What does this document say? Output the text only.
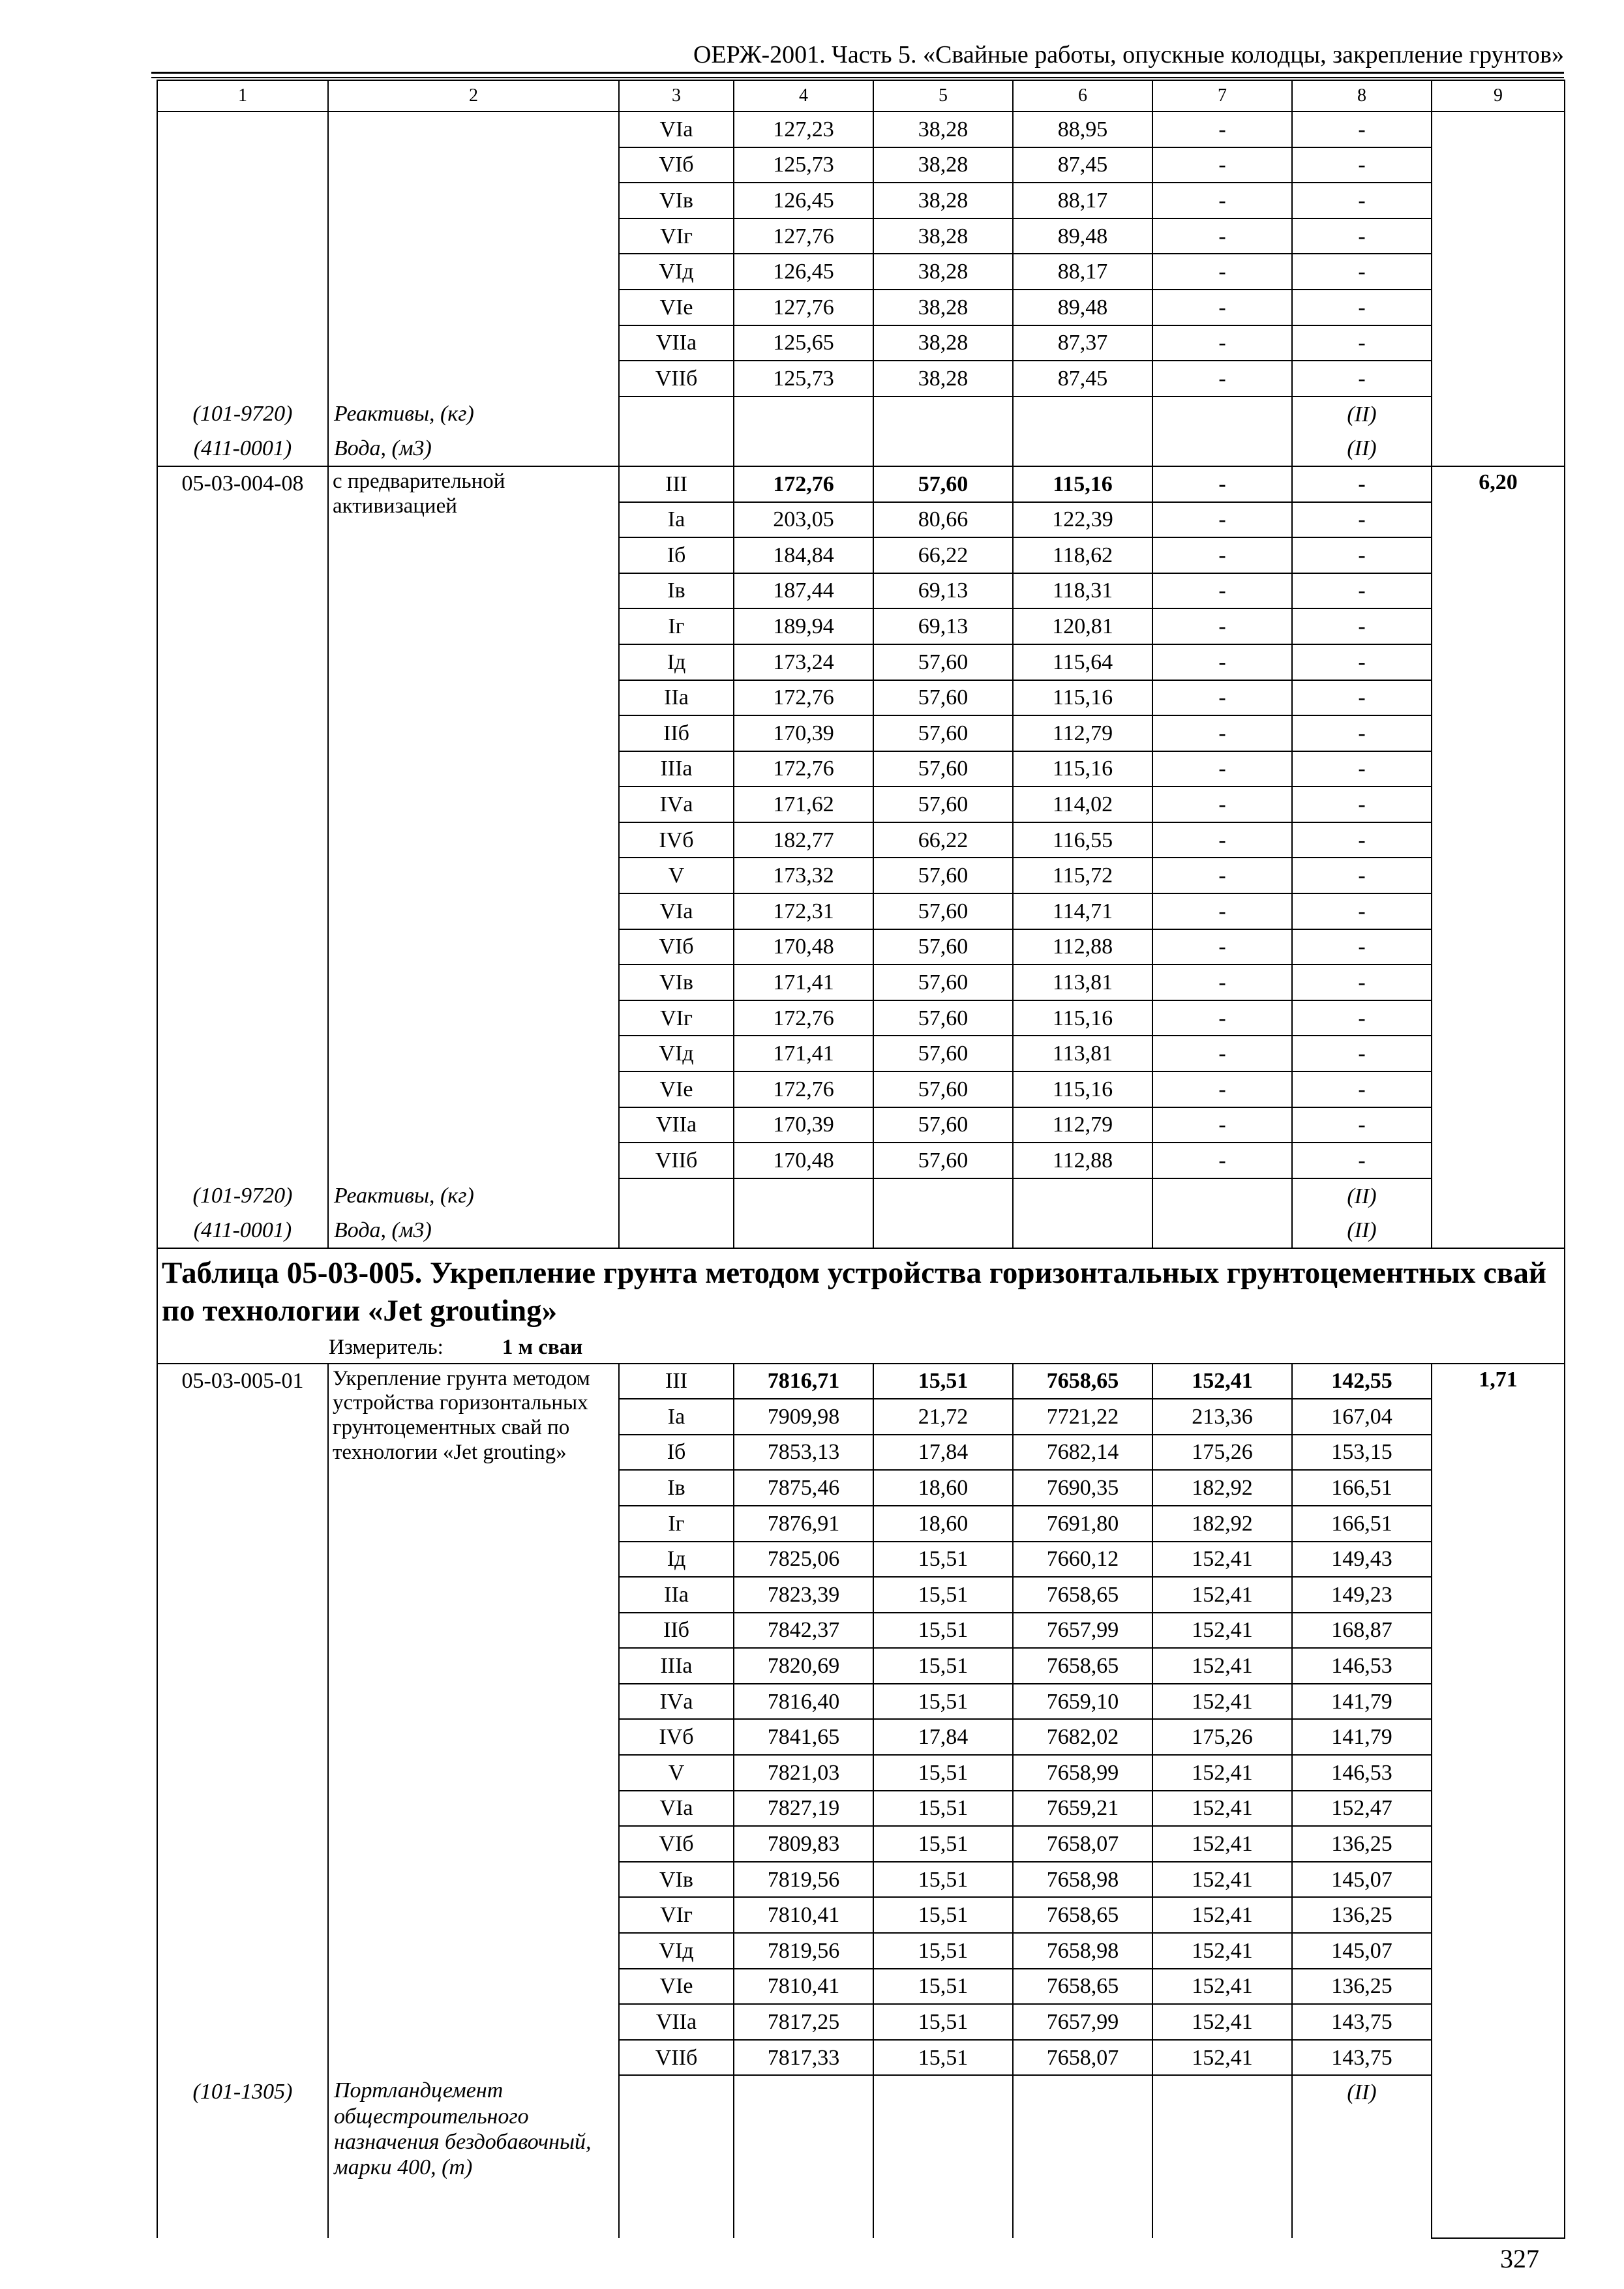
ОЕРЖ-2001. Часть 5. «Свайные работы, опускные колодцы, закрепление грунтов»
1	2	3	4	5	6	7	8	9
		VIа	127,23	38,28	88,95	-	-	
		VIб	125,73	38,28	87,45	-	-	
		VIв	126,45	38,28	88,17	-	-	
		VIг	127,76	38,28	89,48	-	-	
		VIд	126,45	38,28	88,17	-	-	
		VIе	127,76	38,28	89,48	-	-	
		VIIа	125,65	38,28	87,37	-	-	
		VIIб	125,73	38,28	87,45	-	-	
(101-9720)	Реактивы, (кг)						(II)	
(411-0001)	Вода, (м3)						(II)	
05-03-004-08	с предварительной активизацией	III	172,76	57,60	115,16	-	-	6,20
		Iа	203,05	80,66	122,39	-	-	
		Iб	184,84	66,22	118,62	-	-	
		Iв	187,44	69,13	118,31	-	-	
		Iг	189,94	69,13	120,81	-	-	
		Iд	173,24	57,60	115,64	-	-	
		IIа	172,76	57,60	115,16	-	-	
		IIб	170,39	57,60	112,79	-	-	
		IIIа	172,76	57,60	115,16	-	-	
		IVа	171,62	57,60	114,02	-	-	
		IVб	182,77	66,22	116,55	-	-	
		V	173,32	57,60	115,72	-	-	
		VIа	172,31	57,60	114,71	-	-	
		VIб	170,48	57,60	112,88	-	-	
		VIв	171,41	57,60	113,81	-	-	
		VIг	172,76	57,60	115,16	-	-	
		VIд	171,41	57,60	113,81	-	-	
		VIе	172,76	57,60	115,16	-	-	
		VIIа	170,39	57,60	112,79	-	-	
		VIIб	170,48	57,60	112,88	-	-	
(101-9720)	Реактивы, (кг)						(II)	
(411-0001)	Вода, (м3)						(II)	

Таблица 05-03-005. Укрепление грунта методом устройства горизонтальных грунтоцементных свай по технологии «Jet grouting»								

Измеритель: 1 м сваи								

05-03-005-01	Укрепление грунта методом устройства горизонтальных грунтоцементных свай по технологии «Jet grouting»	III	7816,71	15,51	7658,65	152,41	142,55	1,71
		Iа	7909,98	21,72	7721,22	213,36	167,04	
		Iб	7853,13	17,84	7682,14	175,26	153,15	
		Iв	7875,46	18,60	7690,35	182,92	166,51	
		Iг	7876,91	18,60	7691,80	182,92	166,51	
		Iд	7825,06	15,51	7660,12	152,41	149,43	
		IIа	7823,39	15,51	7658,65	152,41	149,23	
		IIб	7842,37	15,51	7657,99	152,41	168,87	
		IIIа	7820,69	15,51	7658,65	152,41	146,53	
		IVа	7816,40	15,51	7659,10	152,41	141,79	
		IVб	7841,65	17,84	7682,02	175,26	141,79	
		V	7821,03	15,51	7658,99	152,41	146,53	
		VIа	7827,19	15,51	7659,21	152,41	152,47	
		VIб	7809,83	15,51	7658,07	152,41	136,25	
		VIв	7819,56	15,51	7658,98	152,41	145,07	
		VIг	7810,41	15,51	7658,65	152,41	136,25	
		VIд	7819,56	15,51	7658,98	152,41	145,07	
		VIе	7810,41	15,51	7658,65	152,41	136,25	
		VIIа	7817,25	15,51	7657,99	152,41	143,75	
		VIIб	7817,33	15,51	7658,07	152,41	143,75	
(101-1305)	Портландцемент общестроительного назначения бездобавочный, марки 400, (т)						(II)	
327
